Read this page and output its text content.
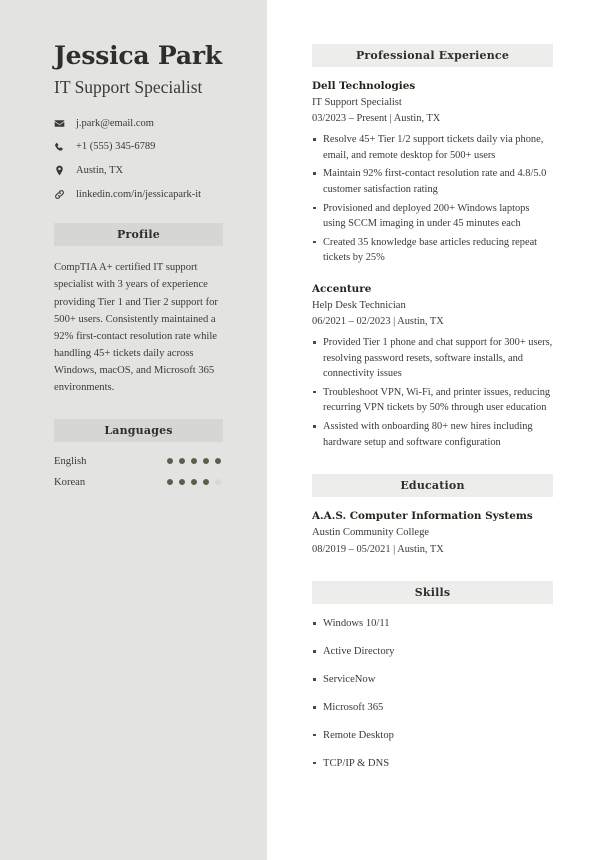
Jessica Park
IT Support Specialist
j.park@email.com
+1 (555) 345-6789
Austin, TX
linkedin.com/in/jessicapark-it
Profile

CompTIA A+ certified IT support specialist with 3 years of experience providing Tier 1 and Tier 2 support for 500+ users. Consistently maintained a 92% first-contact resolution rate while handling 45+ tickets daily across Windows, macOS, and Microsoft 365 environments.

Languages
English
Korean
Professional Experience
Dell Technologies
IT Support Specialist
03/2023 – Present | Austin, TX
Resolve 45+ Tier 1/2 support tickets daily via phone, email, and remote desktop for 500+ users
Maintain 92% first-contact resolution rate and 4.8/5.0 customer satisfaction rating
Provisioned and deployed 200+ Windows laptops using SCCM imaging in under 45 minutes each
Created 35 knowledge base articles reducing repeat tickets by 25%
Accenture
Help Desk Technician
06/2021 – 02/2023 | Austin, TX
Provided Tier 1 phone and chat support for 300+ users, resolving password resets, software installs, and connectivity issues
Troubleshoot VPN, Wi-Fi, and printer issues, reducing recurring VPN tickets by 50% through user education
Assisted with onboarding 80+ new hires including hardware setup and software configuration
Education
A.A.S. Computer Information Systems
Austin Community College
08/2019 – 05/2021 | Austin, TX
Skills
Windows 10/11
Active Directory
ServiceNow
Microsoft 365
Remote Desktop
TCP/IP & DNS
